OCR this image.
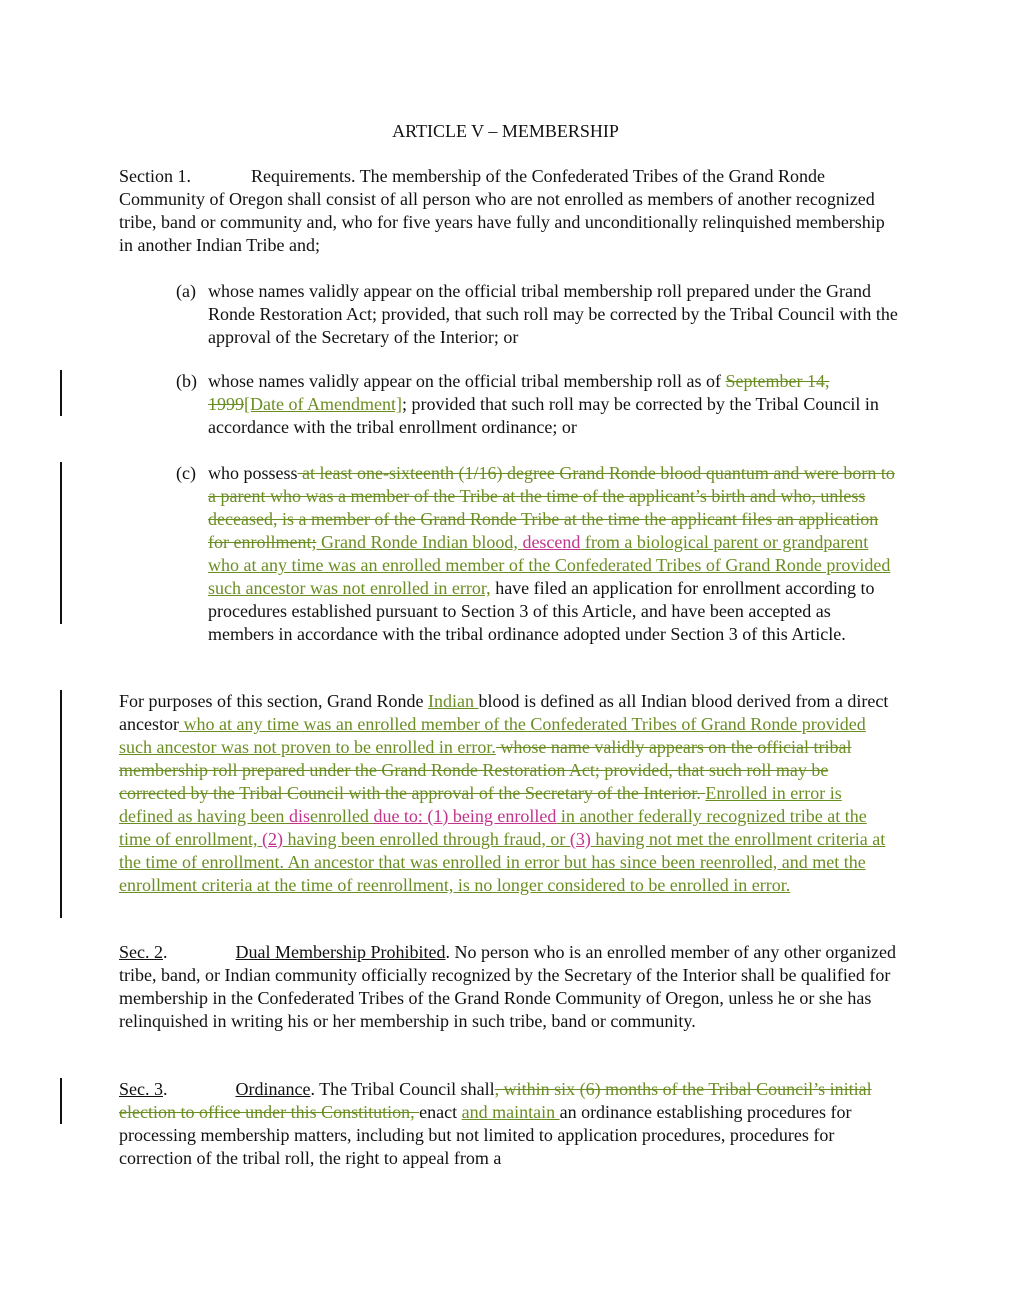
ARTICLE V – MEMBERSHIP
Section 1.	Requirements. The membership of the Confederated Tribes of the Grand Ronde Community of Oregon shall consist of all person who are not enrolled as members of another recognized tribe, band or community and, who for five years have fully and unconditionally relinquished membership in another Indian Tribe and;
(a) whose names validly appear on the official tribal membership roll prepared under the Grand Ronde Restoration Act; provided, that such roll may be corrected by the Tribal Council with the approval of the Secretary of the Interior; or
(b) whose names validly appear on the official tribal membership roll as of September 14, 1999[Date of Amendment]; provided that such roll may be corrected by the Tribal Council in accordance with the tribal enrollment ordinance; or
(c) who possess at least one-sixteenth (1/16) degree Grand Ronde blood quantum and were born to a parent who was a member of the Tribe at the time of the applicant’s birth and who, unless deceased, is a member of the Grand Ronde Tribe at the time the applicant files an application for enrollment; Grand Ronde Indian blood, descend from a biological parent or grandparent who at any time was an enrolled member of the Confederated Tribes of Grand Ronde provided such ancestor was not enrolled in error, have filed an application for enrollment according to procedures established pursuant to Section 3 of this Article, and have been accepted as members in accordance with the tribal ordinance adopted under Section 3 of this Article.
For purposes of this section, Grand Ronde Indian blood is defined as all Indian blood derived from a direct ancestor who at any time was an enrolled member of the Confederated Tribes of Grand Ronde provided such ancestor was not proven to be enrolled in error. whose name validly appears on the official tribal membership roll prepared under the Grand Ronde Restoration Act; provided, that such roll may be corrected by the Tribal Council with the approval of the Secretary of the Interior. Enrolled in error is defined as having been disenrolled due to: (1) being enrolled in another federally recognized tribe at the time of enrollment, (2) having been enrolled through fraud, or (3) having not met the enrollment criteria at the time of enrollment. An ancestor that was enrolled in error but has since been reenrolled, and met the enrollment criteria at the time of reenrollment, is no longer considered to be enrolled in error.
Sec. 2.	Dual Membership Prohibited. No person who is an enrolled member of any other organized tribe, band, or Indian community officially recognized by the Secretary of the Interior shall be qualified for membership in the Confederated Tribes of the Grand Ronde Community of Oregon, unless he or she has relinquished in writing his or her membership in such tribe, band or community.
Sec. 3.	Ordinance. The Tribal Council shall, within six (6) months of the Tribal Council’s initial election to office under this Constitution, enact and maintain an ordinance establishing procedures for processing membership matters, including but not limited to application procedures, procedures for correction of the tribal roll, the right to appeal from a
